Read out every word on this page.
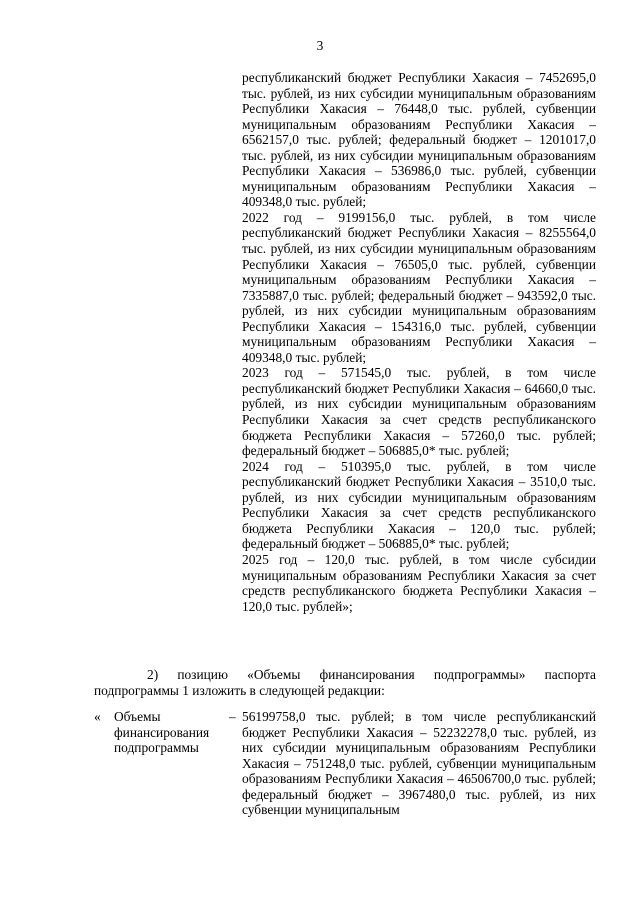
3

республиканский бюджет Республики Хакасия – 7452695,0 тыс. рублей, из них субсидии муниципальным образованиям Республики Хакасия – 76448,0 тыс. рублей, субвенции муниципальным образованиям Республики Хакасия – 6562157,0 тыс. рублей; федеральный бюджет – 1201017,0 тыс. рублей, из них субсидии муниципальным образованиям Республики Хакасия – 536986,0 тыс. рублей, субвенции муниципальным образованиям Республики Хакасия – 409348,0 тыс. рублей;

2022 год – 9199156,0 тыс. рублей, в том числе республиканский бюджет Республики Хакасия – 8255564,0 тыс. рублей, из них субсидии муниципальным образованиям Республики Хакасия – 76505,0 тыс. рублей, субвенции муниципальным образованиям Республики Хакасия – 7335887,0 тыс. рублей; федеральный бюджет – 943592,0 тыс. рублей, из них субсидии муниципальным образованиям Республики Хакасия – 154316,0 тыс. рублей, субвенции муниципальным образованиям Республики Хакасия – 409348,0 тыс. рублей;

2023 год – 571545,0 тыс. рублей, в том числе республиканский бюджет Республики Хакасия – 64660,0 тыс. рублей, из них субсидии муниципальным образованиям Республики Хакасия за счет средств республиканского бюджета Республики Хакасия – 57260,0 тыс. рублей; федеральный бюджет – 506885,0* тыс. рублей;

2024 год – 510395,0 тыс. рублей, в том числе республиканский бюджет Республики Хакасия – 3510,0 тыс. рублей, из них субсидии муниципальным образованиям Республики Хакасия за счет средств республиканского бюджета Республики Хакасия – 120,0 тыс. рублей; федеральный бюджет – 506885,0* тыс. рублей;

2025 год – 120,0 тыс. рублей, в том числе субсидии муниципальным образованиям Республики Хакасия за счет средств республиканского бюджета Республики Хакасия – 120,0 тыс. рублей»;

2) позицию «Объемы финансирования подпрограммы» паспорта подпрограммы 1 изложить в следующей редакции:

« Объемы финансирования подпрограммы
– 56199758,0 тыс. рублей; в том числе республиканский бюджет Республики Хакасия – 52232278,0 тыс. рублей, из них субсидии муниципальным образованиям Республики Хакасия – 751248,0 тыс. рублей, субвенции муниципальным образованиям Республики Хакасия – 46506700,0 тыс. рублей; федеральный бюджет – 3967480,0 тыс. рублей, из них субвенции муниципальным
